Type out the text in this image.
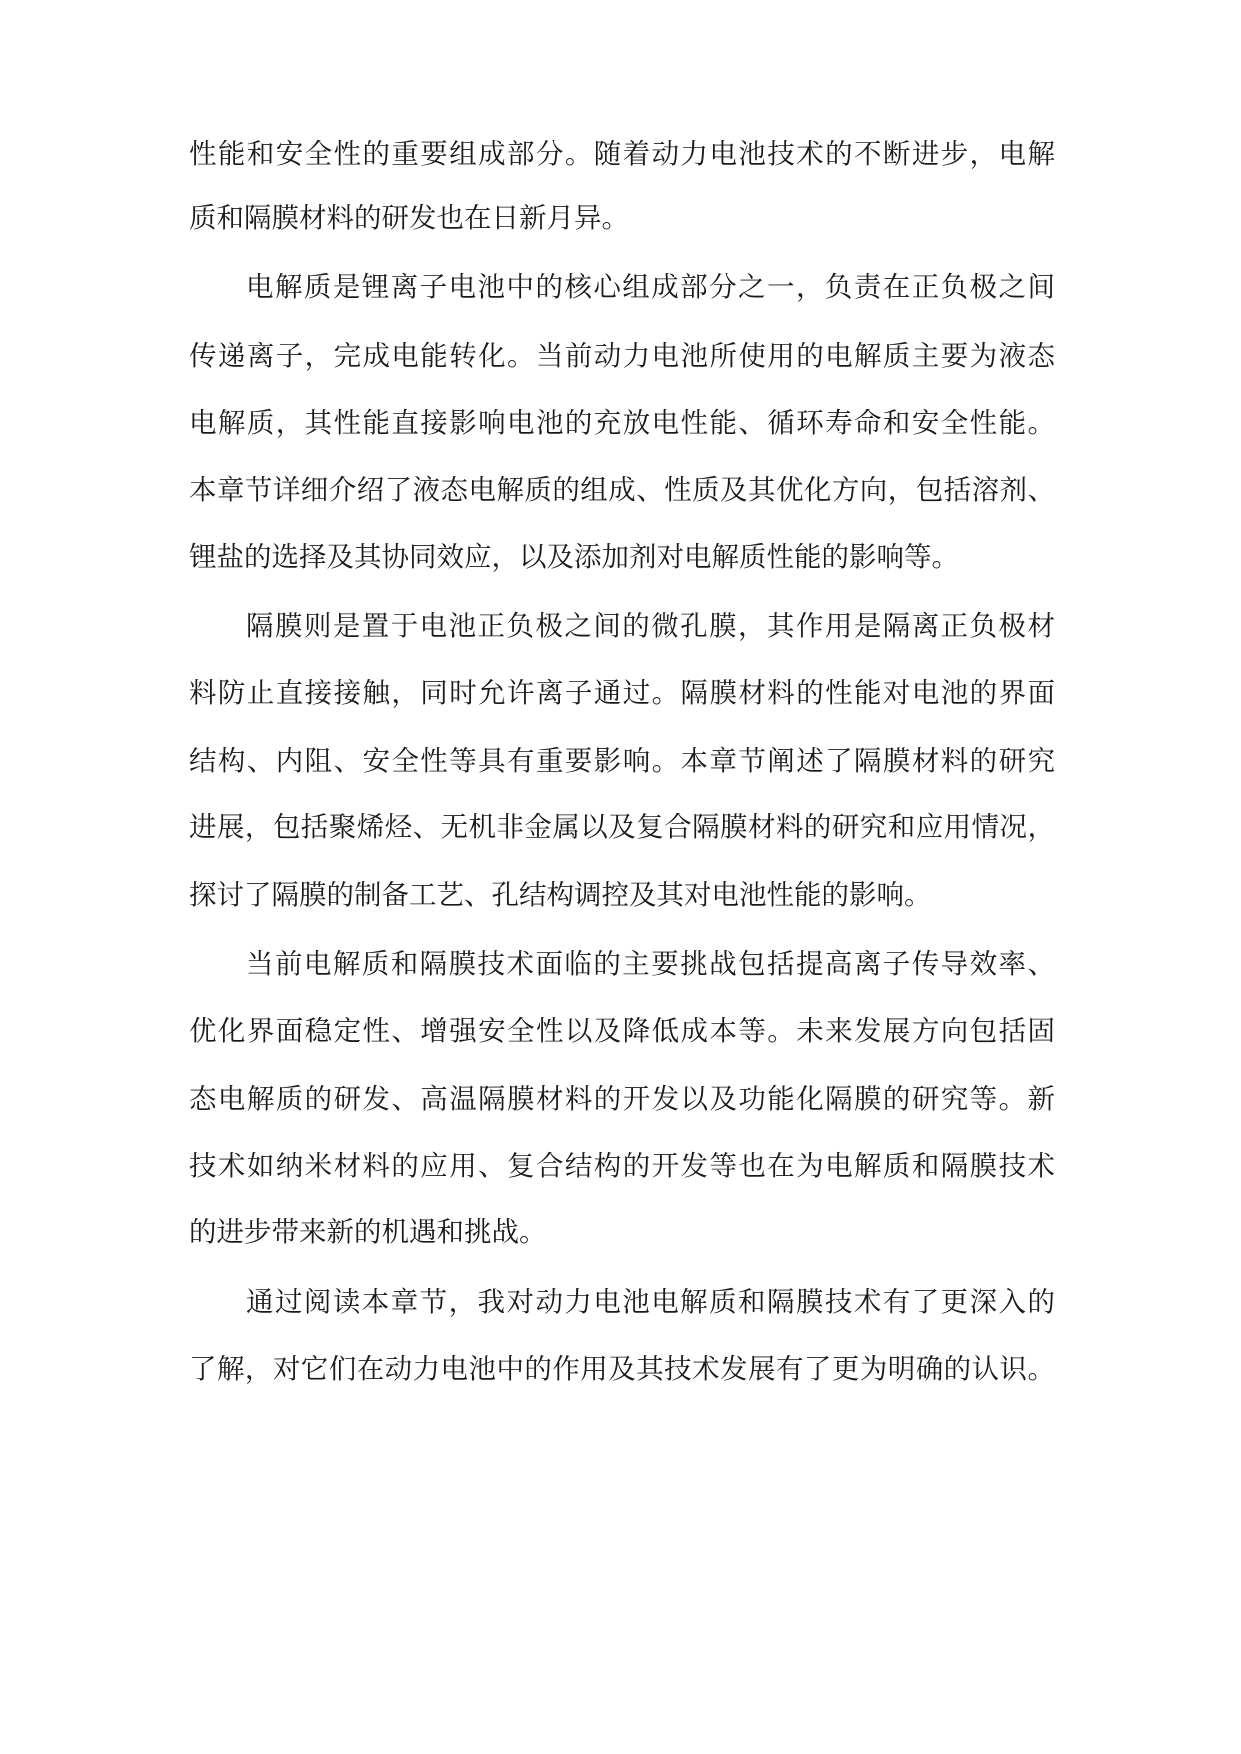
性能和安全性的重要组成部分。随着动力电池技术的不断进步，电解
质和隔膜材料的研发也在日新月异。
电解质是锂离子电池中的核心组成部分之一，负责在正负极之间
传递离子，完成电能转化。当前动力电池所使用的电解质主要为液态
电解质，其性能直接影响电池的充放电性能、循环寿命和安全性能。
本章节详细介绍了液态电解质的组成、性质及其优化方向，包括溶剂、
锂盐的选择及其协同效应，以及添加剂对电解质性能的影响等。
隔膜则是置于电池正负极之间的微孔膜，其作用是隔离正负极材
料防止直接接触，同时允许离子通过。隔膜材料的性能对电池的界面
结构、内阻、安全性等具有重要影响。本章节阐述了隔膜材料的研究
进展，包括聚烯烃、无机非金属以及复合隔膜材料的研究和应用情况，
探讨了隔膜的制备工艺、孔结构调控及其对电池性能的影响。
当前电解质和隔膜技术面临的主要挑战包括提高离子传导效率、
优化界面稳定性、增强安全性以及降低成本等。未来发展方向包括固
态电解质的研发、高温隔膜材料的开发以及功能化隔膜的研究等。新
技术如纳米材料的应用、复合结构的开发等也在为电解质和隔膜技术
的进步带来新的机遇和挑战。
通过阅读本章节，我对动力电池电解质和隔膜技术有了更深入的
了解，对它们在动力电池中的作用及其技术发展有了更为明确的认识。
